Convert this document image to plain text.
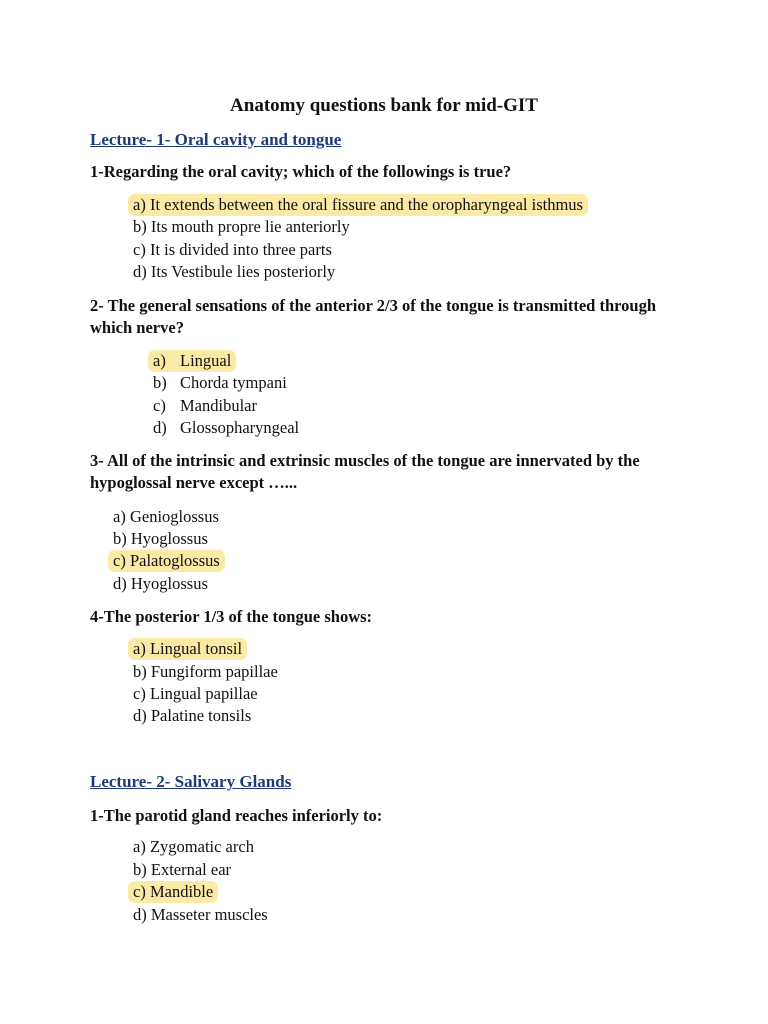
Anatomy questions bank for mid-GIT
Lecture- 1- Oral cavity and tongue
1-Regarding the oral cavity; which of the followings is true?
a) It extends between the oral fissure and the oropharyngeal isthmus
b) Its mouth propre lie anteriorly
c) It is divided into three parts
d) Its Vestibule lies posteriorly
2- The general sensations of the anterior 2/3 of the tongue is transmitted through which nerve?
a) Lingual
b) Chorda tympani
c) Mandibular
d) Glossopharyngeal
3- All of the intrinsic and extrinsic muscles of the tongue are innervated by the hypoglossal nerve except …...
a) Genioglossus
b) Hyoglossus
c) Palatoglossus
d) Hyoglossus
4-The posterior 1/3 of the tongue shows:
a) Lingual tonsil
b) Fungiform papillae
c) Lingual papillae
d) Palatine tonsils
Lecture- 2- Salivary Glands
1-The parotid gland reaches inferiorly to:
a) Zygomatic arch
b) External ear
c) Mandible
d) Masseter muscles
